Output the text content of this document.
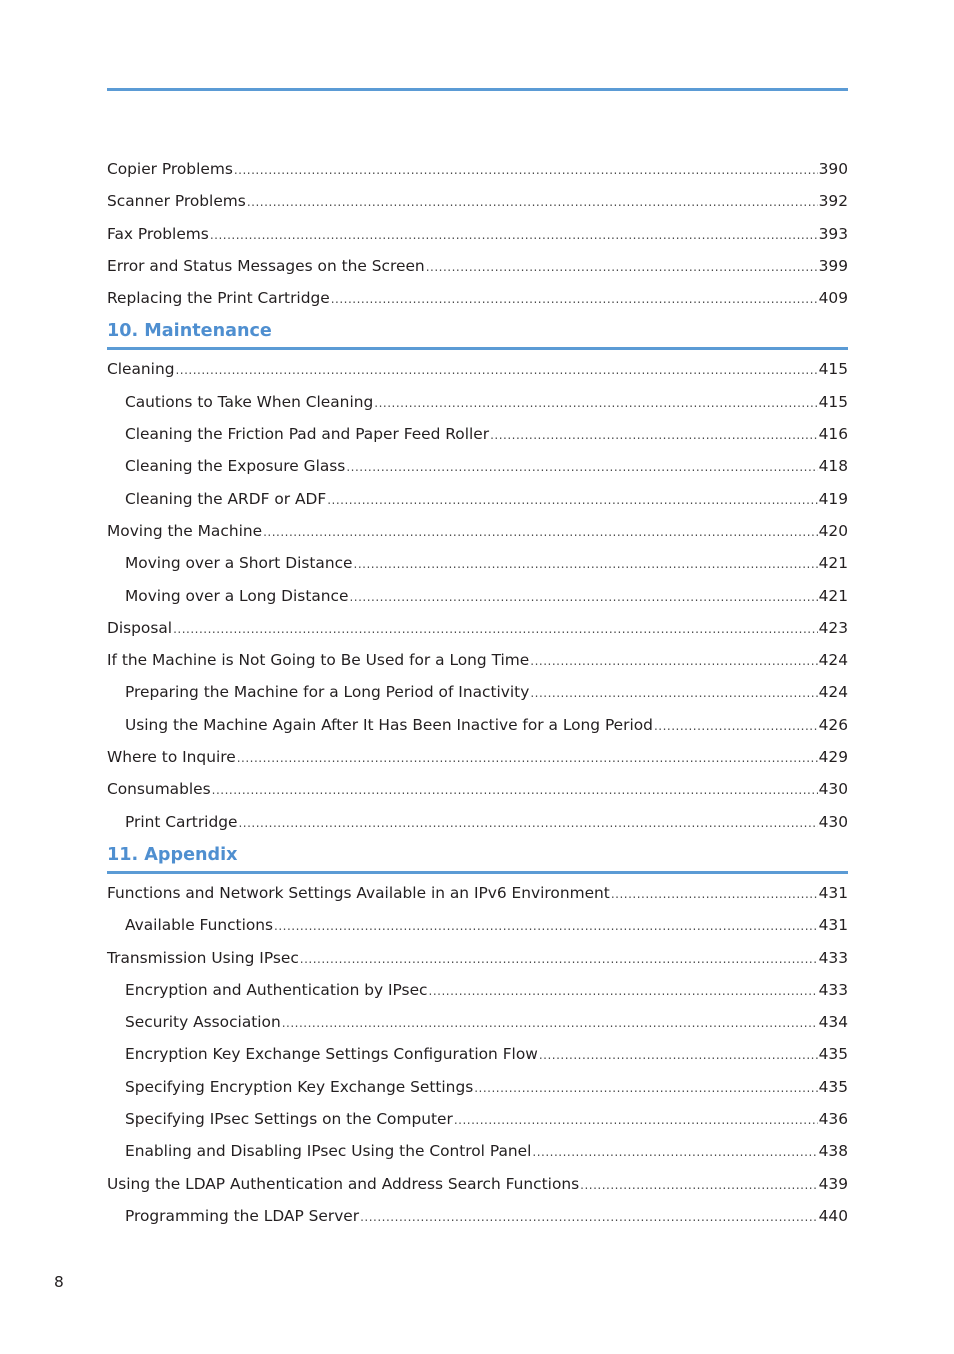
Copier Problems .....	390
Scanner Problems .....	392
Fax Problems .....	393
Error and Status Messages on the Screen .....	399
Replacing the Print Cartridge .....	409
10. Maintenance
Cleaning .....	415
Cautions to Take When Cleaning .....	415
Cleaning the Friction Pad and Paper Feed Roller .....	416
Cleaning the Exposure Glass .....	418
Cleaning the ARDF or ADF .....	419
Moving the Machine .....	420
Moving over a Short Distance .....	421
Moving over a Long Distance .....	421
Disposal .....	423
If the Machine is Not Going to Be Used for a Long Time .....	424
Preparing the Machine for a Long Period of Inactivity .....	424
Using the Machine Again After It Has Been Inactive for a Long Period .....	426
Where to Inquire .....	429
Consumables .....	430
Print Cartridge .....	430
11. Appendix
Functions and Network Settings Available in an IPv6 Environment .....	431
Available Functions .....	431
Transmission Using IPsec .....	433
Encryption and Authentication by IPsec .....	433
Security Association .....	434
Encryption Key Exchange Settings Configuration Flow .....	435
Specifying Encryption Key Exchange Settings .....	435
Specifying IPsec Settings on the Computer .....	436
Enabling and Disabling IPsec Using the Control Panel .....	438
Using the LDAP Authentication and Address Search Functions .....	439
Programming the LDAP Server .....	440
8
